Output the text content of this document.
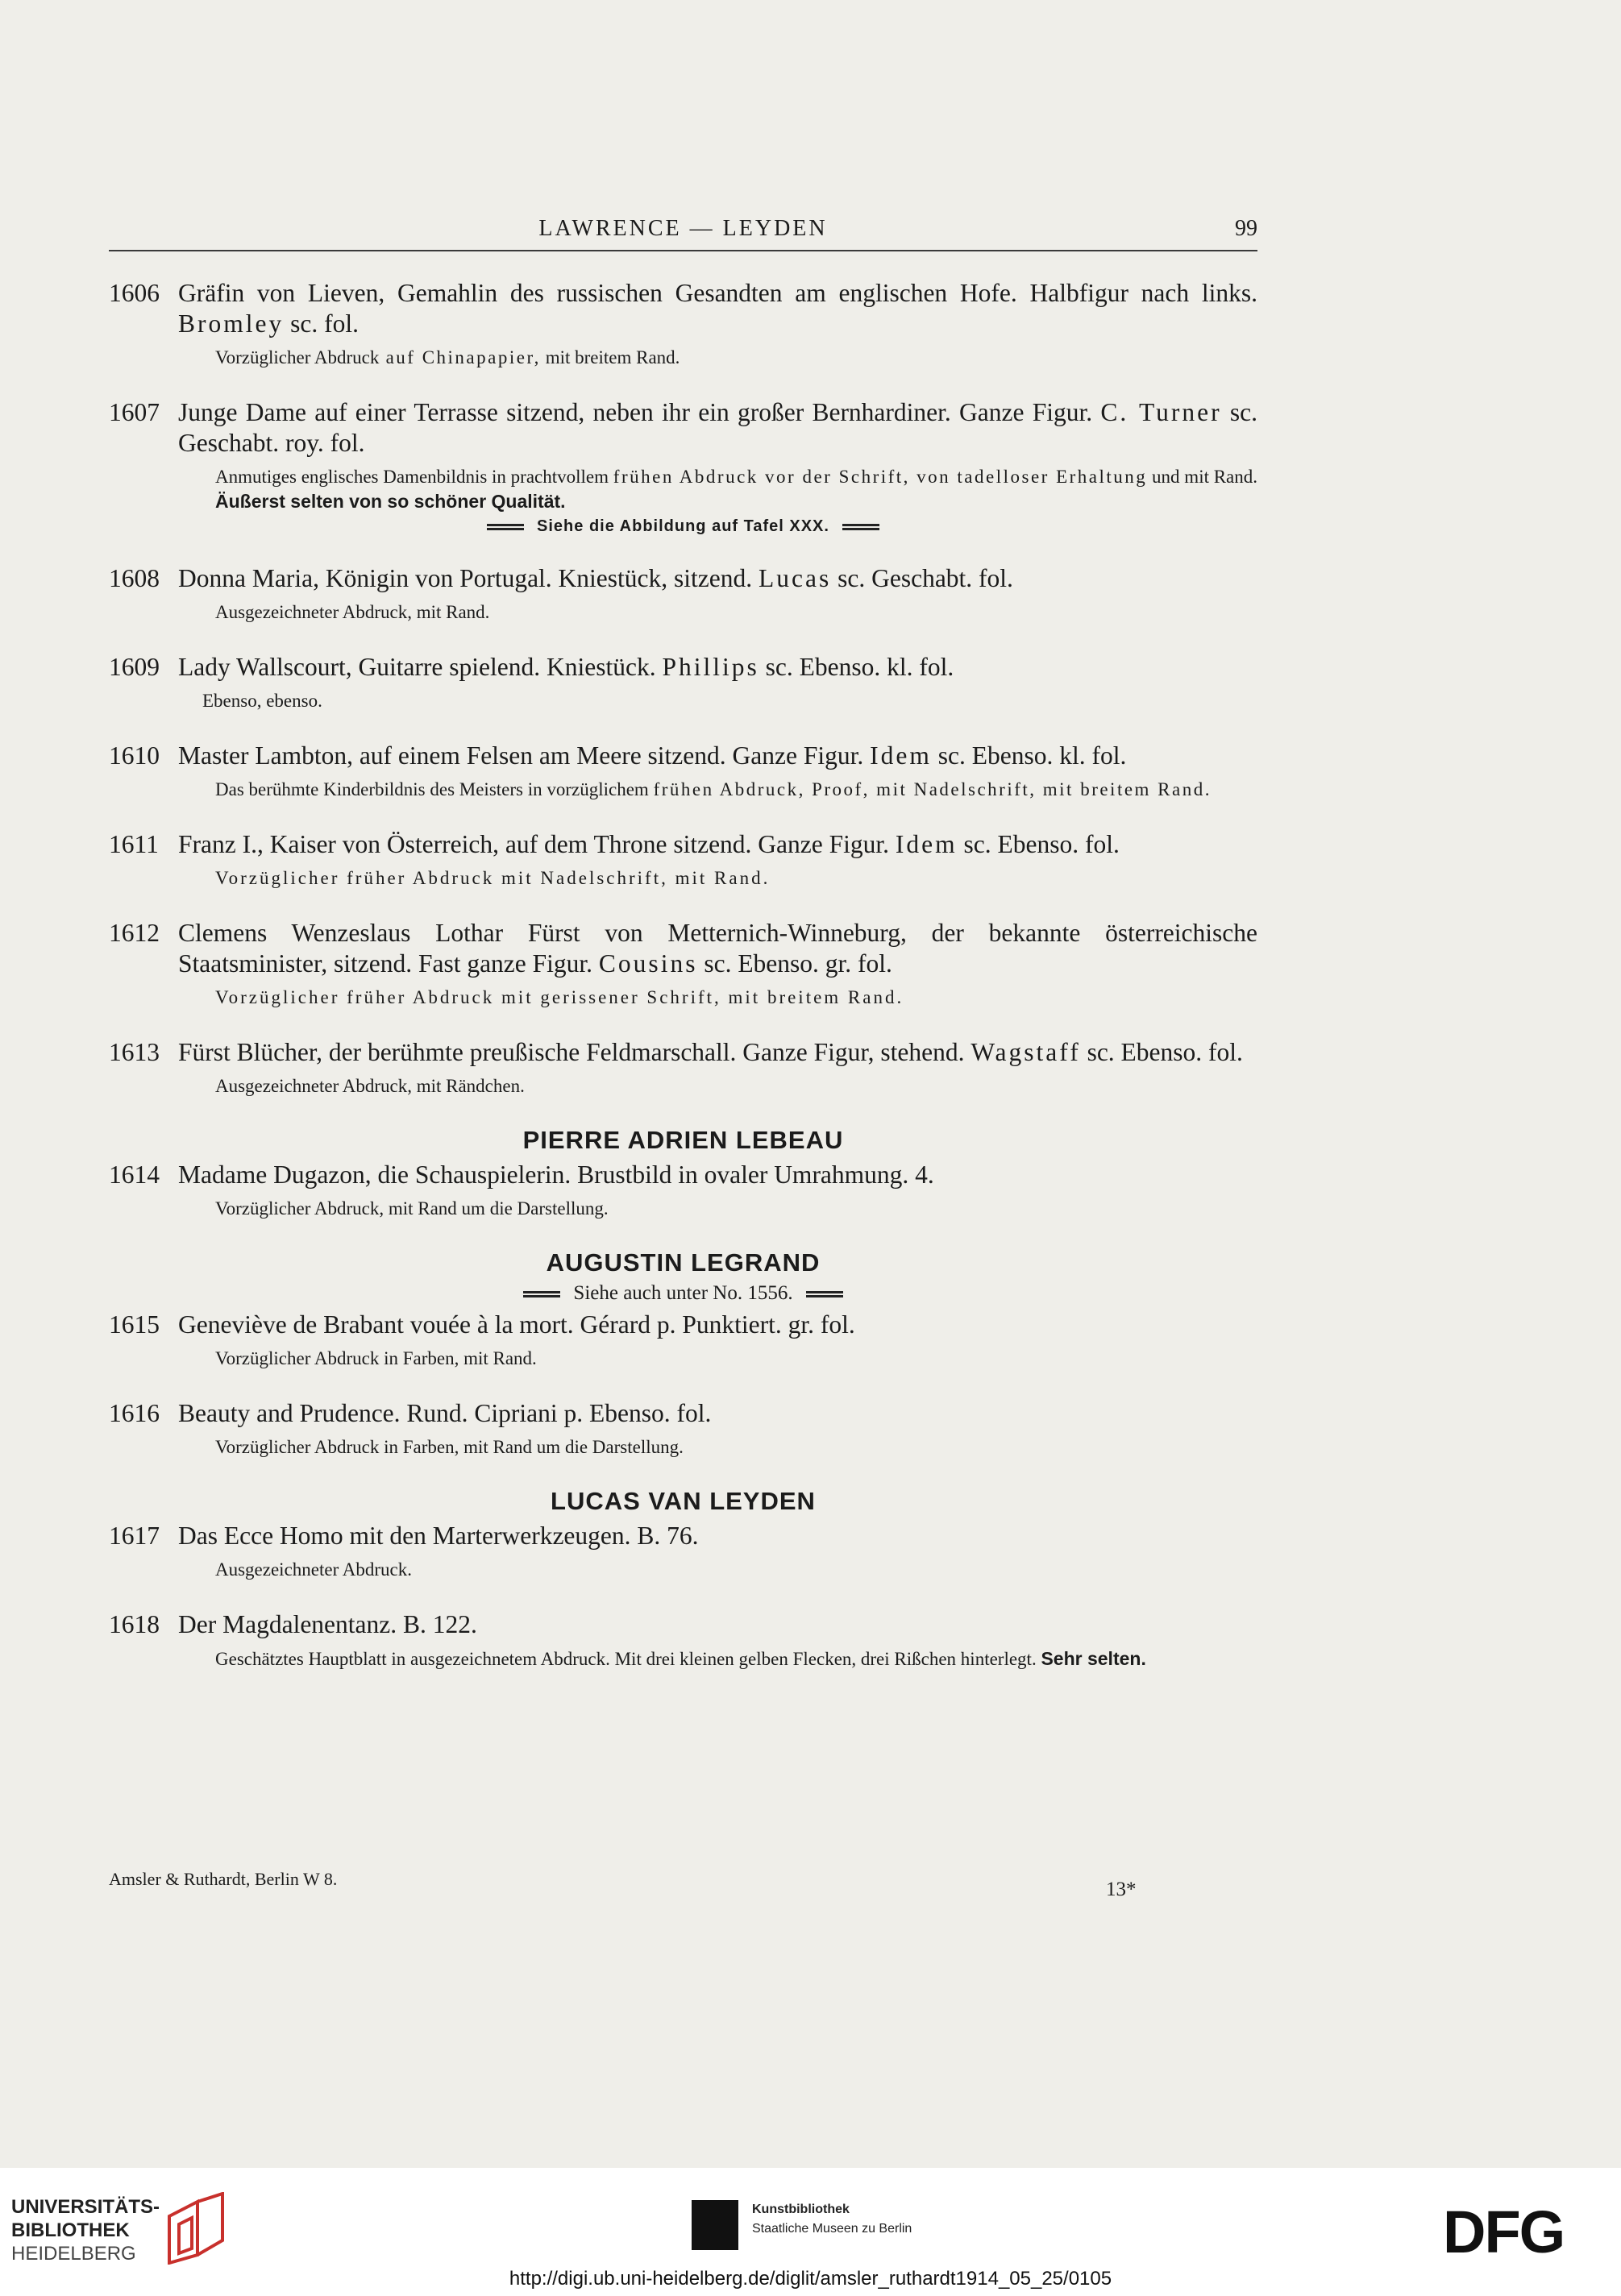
LAWRENCE — LEYDEN	99
1606 Gräfin von Lieven, Gemahlin des russischen Gesandten am englischen Hofe. Halbfigur nach links. Bromley sc. fol.
Vorzüglicher Abdruck auf Chinapapier, mit breitem Rand.
1607 Junge Dame auf einer Terrasse sitzend, neben ihr ein großer Bernhardiner. Ganze Figur. C. Turner sc. Geschabt. roy. fol.
Anmutiges englisches Damenbildnis in prachtvollem frühen Abdruck vor der Schrift, von tadelloser Erhaltung und mit Rand. Äußerst selten von so schöner Qualität.
Siehe die Abbildung auf Tafel XXX.
1608 Donna Maria, Königin von Portugal. Kniestück, sitzend. Lucas sc. Geschabt. fol.
Ausgezeichneter Abdruck, mit Rand.
1609 Lady Wallscourt, Guitarre spielend. Kniestück. Phillips sc. Ebenso. kl. fol.
Ebenso, ebenso.
1610 Master Lambton, auf einem Felsen am Meere sitzend. Ganze Figur. Idem sc. Ebenso. kl. fol.
Das berühmte Kinderbildnis des Meisters in vorzüglichem frühen Abdruck, Proof, mit Nadelschrift, mit breitem Rand.
1611 Franz I., Kaiser von Österreich, auf dem Throne sitzend. Ganze Figur. Idem sc. Ebenso. fol.
Vorzüglicher früher Abdruck mit Nadelschrift, mit Rand.
1612 Clemens Wenzeslaus Lothar Fürst von Metternich-Winneburg, der bekannte österreichische Staatsminister, sitzend. Fast ganze Figur. Cousins sc. Ebenso. gr. fol.
Vorzüglicher früher Abdruck mit gerissener Schrift, mit breitem Rand.
1613 Fürst Blücher, der berühmte preußische Feldmarschall. Ganze Figur, stehend. Wagstaff sc. Ebenso. fol.
Ausgezeichneter Abdruck, mit Rändchen.
PIERRE ADRIEN LEBEAU
1614 Madame Dugazon, die Schauspielerin. Brustbild in ovaler Umrahmung. 4.
Vorzüglicher Abdruck, mit Rand um die Darstellung.
AUGUSTIN LEGRAND
Siehe auch unter No. 1556.
1615 Geneviève de Brabant vouée à la mort. Gérard p. Punktiert. gr. fol.
Vorzüglicher Abdruck in Farben, mit Rand.
1616 Beauty and Prudence. Rund. Cipriani p. Ebenso. fol.
Vorzüglicher Abdruck in Farben, mit Rand um die Darstellung.
LUCAS VAN LEYDEN
1617 Das Ecce Homo mit den Marterwerkzeugen. B. 76.
Ausgezeichneter Abdruck.
1618 Der Magdalenentanz. B. 122.
Geschätztes Hauptblatt in ausgezeichnetem Abdruck. Mit drei kleinen gelben Flecken, drei Rißchen hinterlegt. Sehr selten.
Amsler & Ruthardt, Berlin W 8.	13*
UNIVERSITÄTS-
BIBLIOTHEK
HEIDELBERG
Kunstbibliothek
Staatliche Museen zu Berlin	DFG
http://digi.ub.uni-heidelberg.de/diglit/amsler_ruthardt1914_05_25/0105
